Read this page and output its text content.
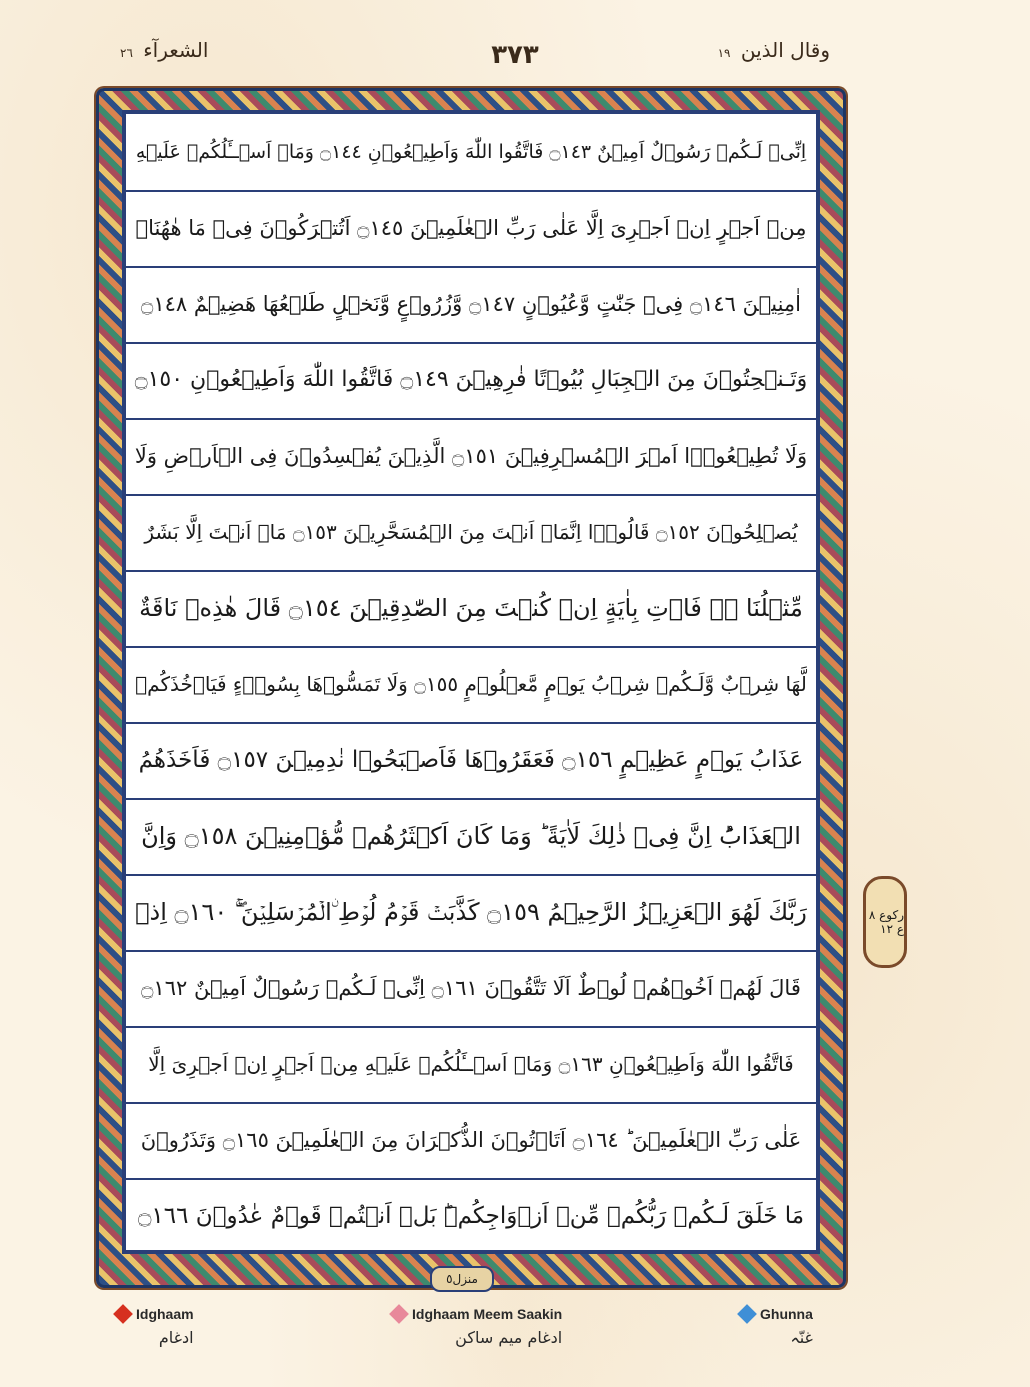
وقال الذين ١٩
٣٧٣
الشعرآء ٢٦
اِنِّىۡ لَـكُمۡ رَسُوۡلٌ اَمِيۡنٌ ۝١٤٣ فَاتَّقُوا اللّٰهَ وَاَطِيۡعُوۡنِ ۝١٤٤ وَمَاۤ اَسۡــَٔلُكُمۡ عَلَيۡهِ
مِنۡ اَجۡرٍ‌ اِنۡ اَجۡرِىَ اِلَّا عَلٰى رَبِّ الۡعٰلَمِيۡنَ ۝١٤٥ اَتُتۡرَكُوۡنَ فِىۡ مَا هٰهُنَاۤ
اٰمِنِيۡنَ ۝١٤٦ فِىۡ جَنّٰتٍ وَّعُيُوۡنٍ ۝١٤٧ وَّزُرُوۡعٍ وَّنَخۡلٍ طَلۡعُهَا هَضِيۡمٌ ۝١٤٨
وَتَـنۡحِتُوۡنَ مِنَ الۡجِبَالِ بُيُوۡتًا فٰرِهِيۡنَ ۝١٤٩ فَاتَّقُوا اللّٰهَ وَاَطِيۡعُوۡنِ ۝١٥٠
وَلَا تُطِيۡعُوۡۤا اَمۡرَ الۡمُسۡرِفِيۡنَ ۝١٥١ الَّذِيۡنَ يُفۡسِدُوۡنَ فِى الۡاَرۡضِ وَلَا
يُصۡلِحُوۡنَ ۝١٥٢ قَالُوۡۤا اِنَّمَاۤ اَنۡتَ مِنَ الۡمُسَحَّرِيۡنَ ۝١٥٣ مَاۤ اَنۡتَ اِلَّا بَشَرٌ
مِّثۡلُنَا ۖۚ فَاۡتِ بِاٰيَةٍ اِنۡ كُنۡتَ مِنَ الصّٰدِقِيۡنَ ۝١٥٤ قَالَ هٰذِهٖ نَاقَةٌ
لَّهَا شِرۡبٌ وَّلَـكُمۡ شِرۡبُ يَوۡمٍ مَّعۡلُوۡمٍ‌ ۝١٥٥ وَلَا تَمَسُّوۡهَا بِسُوۡۤءٍ فَيَاۡخُذَكُمۡ
عَذَابُ يَوۡمٍ عَظِيۡمٍ ۝١٥٦ فَعَقَرُوۡهَا فَاَصۡبَحُوۡا نٰدِمِيۡنَ ۝١٥٧ فَاَخَذَهُمُ
الۡعَذَابُ‌ؕ اِنَّ فِىۡ ذٰلِكَ لَاٰيَةً‌ ؕ وَمَا كَانَ اَكۡثَرُهُمۡ مُّؤۡمِنِيۡنَ ۝١٥٨ وَاِنَّ
رَبَّكَ لَهُوَ الۡعَزِيۡزُ الرَّحِيۡمُ ۝١٥٩ كَذَّبَتۡ قَوۡمُ لُوۡطِ ۨالۡمُرۡسَلِيۡنَ ۖۚ ۝١٦٠ اِذۡ
قَالَ لَهُمۡ اَخُوۡهُمۡ لُوۡطٌ اَلَا تَتَّقُوۡنَ‌ ۝١٦١ اِنِّىۡ لَـكُمۡ رَسُوۡلٌ اَمِيۡنٌ ۝١٦٢
فَاتَّقُوا اللّٰهَ وَاَطِيۡعُوۡنِ‌ ۝١٦٣ وَمَاۤ اَسۡــَٔلُكُمۡ عَلَيۡهِ مِنۡ اَجۡرٍ‌ اِنۡ اَجۡرِىَ اِلَّا
عَلٰى رَبِّ الۡعٰلَمِيۡنَ ؕ ۝١٦٤ اَتَاۡتُوۡنَ الذُّكۡرَانَ مِنَ الۡعٰلَمِيۡنَ ۝١٦٥ وَتَذَرُوۡنَ
مَا خَلَقَ لَـكُمۡ رَبُّكُمۡ مِّنۡ اَزۡوَاجِكُمۡ‌ؕ بَلۡ اَنۡتُمۡ قَوۡمٌ عٰدُوۡنَ ۝١٦٦
منزل٥
رکوع ٨ ع ١٢
Idghaam
ادغام
Idghaam Meem Saakin
ادغام میم ساکن
Ghunna
غنّہ
